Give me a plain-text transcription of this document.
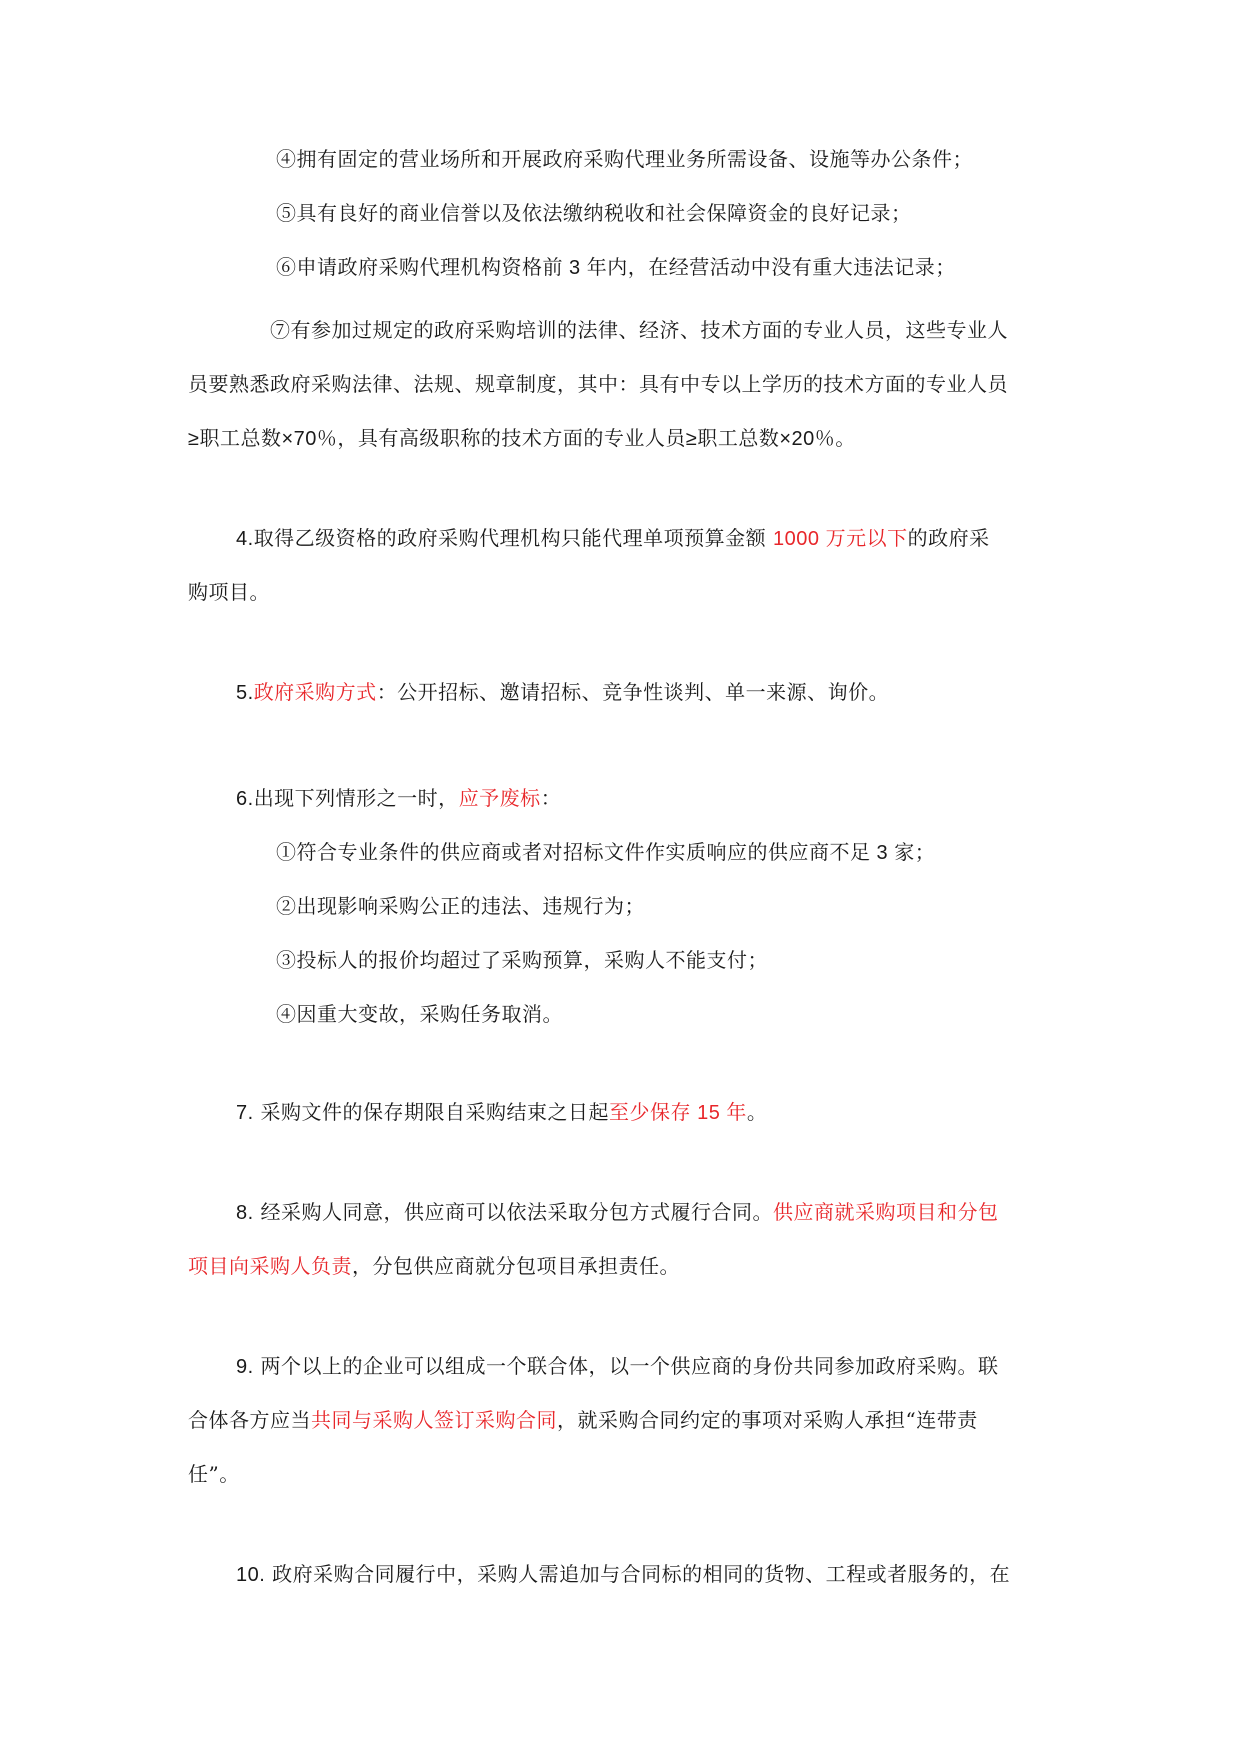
④拥有固定的营业场所和开展政府采购代理业务所需设备、设施等办公条件；
⑤具有良好的商业信誉以及依法缴纳税收和社会保障资金的良好记录；
⑥申请政府采购代理机构资格前 3 年内，在经营活动中没有重大违法记录；
⑦有参加过规定的政府采购培训的法律、经济、技术方面的专业人员，这些专业人
员要熟悉政府采购法律、法规、规章制度，其中：具有中专以上学历的技术方面的专业人员
≥职工总数×70％，具有高级职称的技术方面的专业人员≥职工总数×20％。
4.取得乙级资格的政府采购代理机构只能代理单项预算金额 1000 万元以下的政府采
购项目。
5.政府采购方式：公开招标、邀请招标、竞争性谈判、单一来源、询价。
6.出现下列情形之一时，应予废标：
①符合专业条件的供应商或者对招标文件作实质响应的供应商不足 3 家；
②出现影响采购公正的违法、违规行为；
③投标人的报价均超过了采购预算，采购人不能支付；
④因重大变故，采购任务取消。
7. 采购文件的保存期限自采购结束之日起至少保存 15 年。
8. 经采购人同意，供应商可以依法采取分包方式履行合同。供应商就采购项目和分包
项目向采购人负责，分包供应商就分包项目承担责任。
9. 两个以上的企业可以组成一个联合体，以一个供应商的身份共同参加政府采购。联
合体各方应当共同与采购人签订采购合同，就采购合同约定的事项对采购人承担“连带责
任”。
10. 政府采购合同履行中，采购人需追加与合同标的相同的货物、工程或者服务的，在
